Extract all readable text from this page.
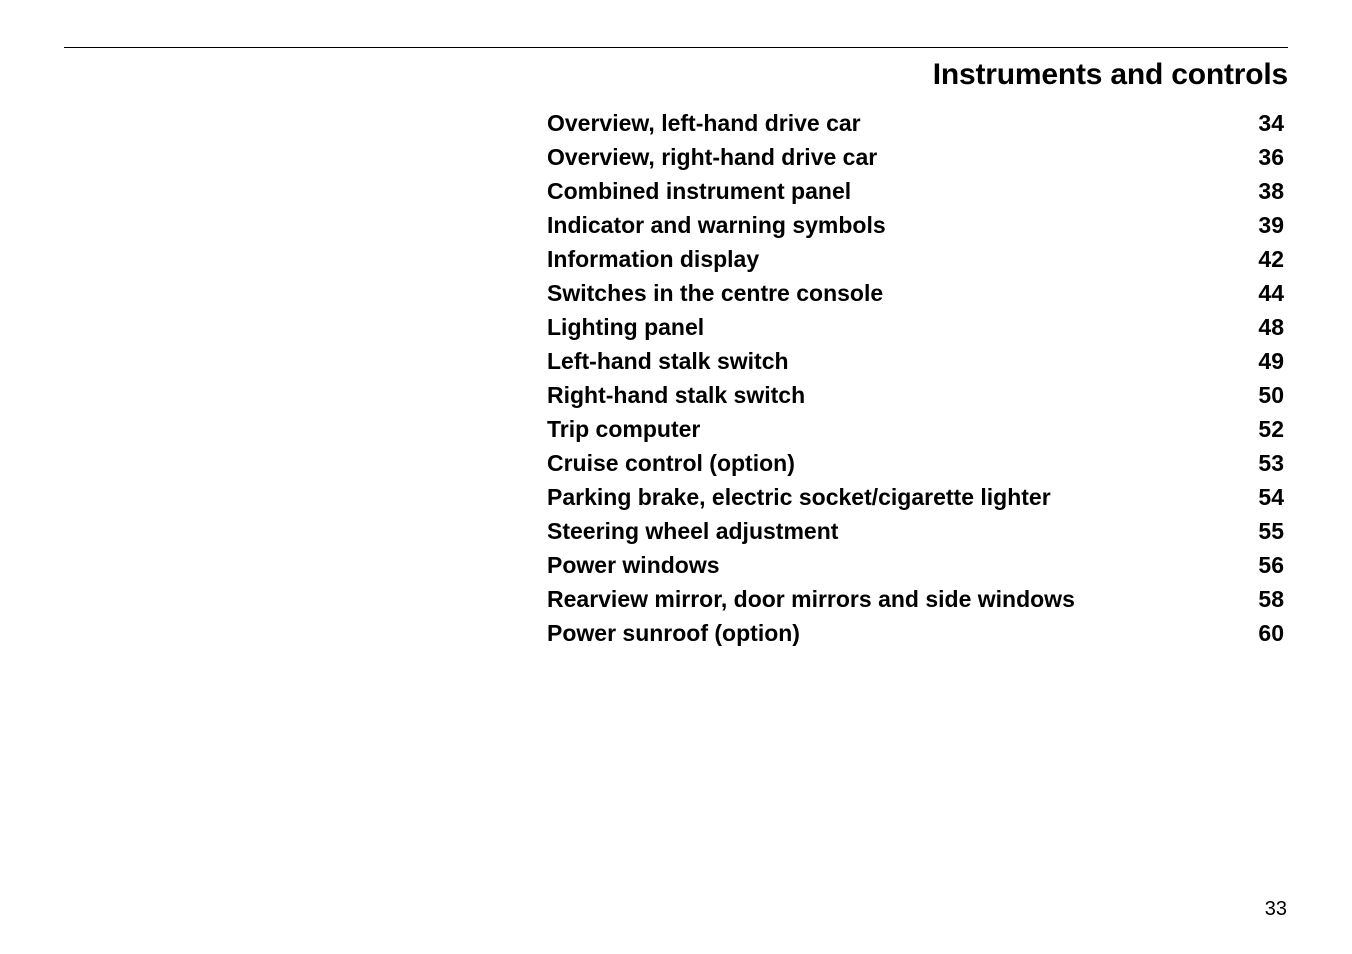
Instruments and controls
Overview, left-hand drive car	34
Overview, right-hand drive car	36
Combined instrument panel	38
Indicator and warning symbols	39
Information display	42
Switches in the centre console	44
Lighting panel	48
Left-hand stalk switch	49
Right-hand stalk switch	50
Trip computer	52
Cruise control (option)	53
Parking brake, electric socket/cigarette lighter	54
Steering wheel adjustment	55
Power windows	56
Rearview mirror, door mirrors and side windows	58
Power sunroof (option)	60
33
